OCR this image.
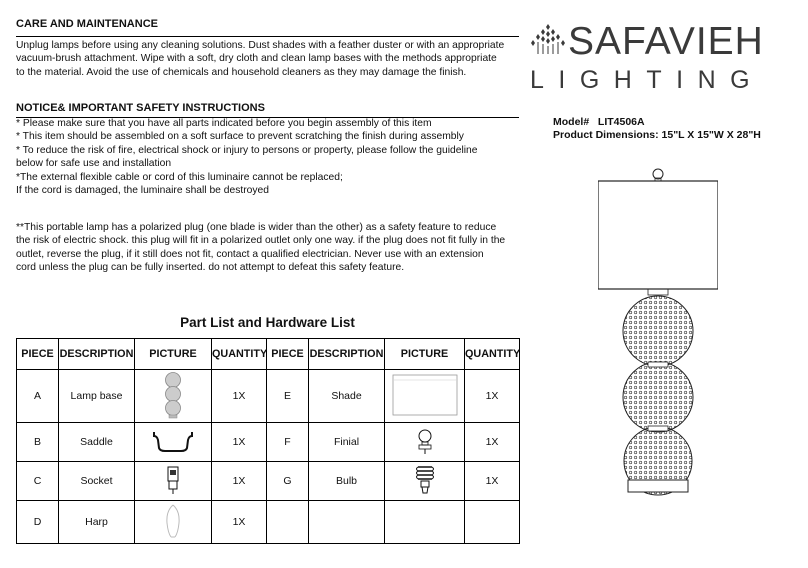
CARE AND MAINTENANCE
Unplug lamps before using any cleaning solutions. Dust shades with a feather duster or with an appropriate
vacuum-brush attachment. Wipe with a soft, dry cloth and clean lamp bases with the methods appropriate
to the material. Avoid the use of chemicals and household cleaners as they may damage the finish.
NOTICE& IMPORTANT SAFETY INSTRUCTIONS
* Please make sure that you have all parts indicated before you begin assembly of this item
* This item should be assembled on a soft surface to prevent scratching the finish during assembly
* To reduce the risk of fire, electrical shock or injury to persons or property, please follow the guideline
below for safe use and installation
*The external flexible cable or cord of this luminaire cannot be replaced;
If the cord is damaged, the luminaire shall be destroyed
**This portable lamp has a polarized plug (one blade is wider than the other) as a safety feature to reduce
the risk of electric shock. this plug will fit in a polarized outlet only one way. if the plug does not fit fully in the
outlet, reverse the plug, if it still does not fit, contact a qualified electrician. Never use with an extension
cord unless the plug can be fully inserted. do not attempt to defeat this safety feature.
SAFAVIEH
LIGHTING
Model#   LIT4506A
Product Dimensions: 15"L X 15"W X 28"H
Part List and Hardware List
PIECE	DESCRIPTION	PICTURE	QUANTITY	PIECE	DESCRIPTION	PICTURE	QUANTITY
A	Lamp base		1X	E	Shade		1X
B	Saddle		1X	F	Finial		1X
C	Socket		1X	G	Bulb		1X
D	Harp		1X				
